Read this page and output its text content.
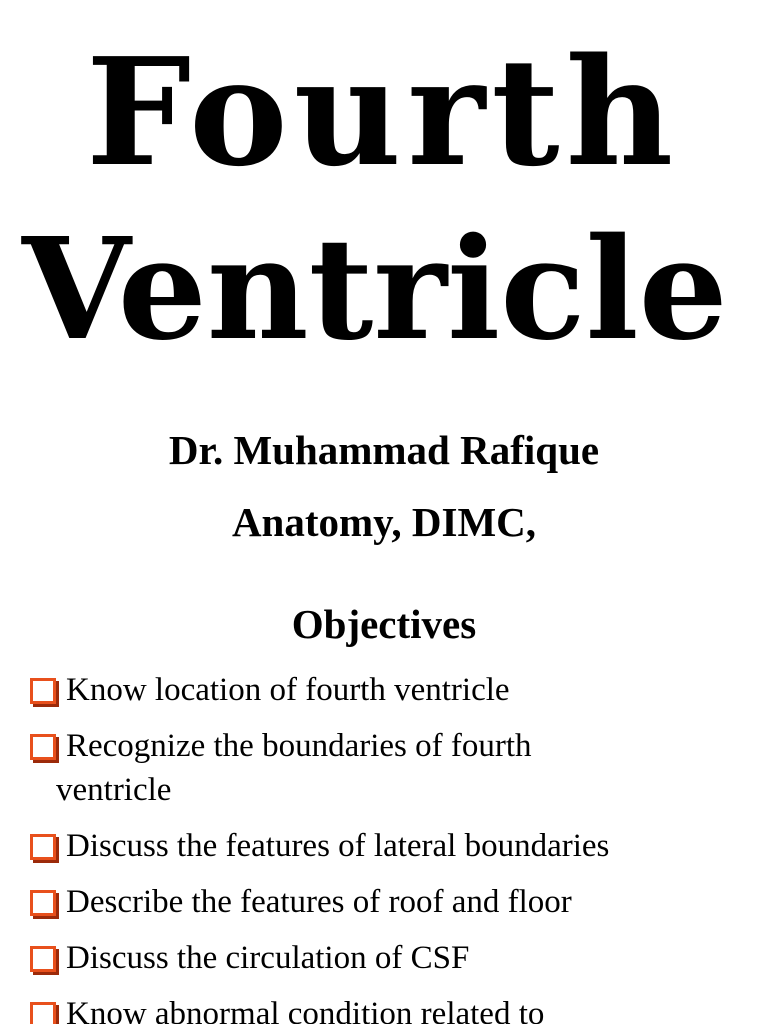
Fourth
Ventricle
Dr. Muhammad Rafique
Anatomy, DIMC,
Objectives
Know location of fourth ventricle
Recognize the boundaries of fourth
ventricle
Discuss the features of lateral boundaries
Describe the features of roof and floor
Discuss the circulation of CSF
Know abnormal condition related to
